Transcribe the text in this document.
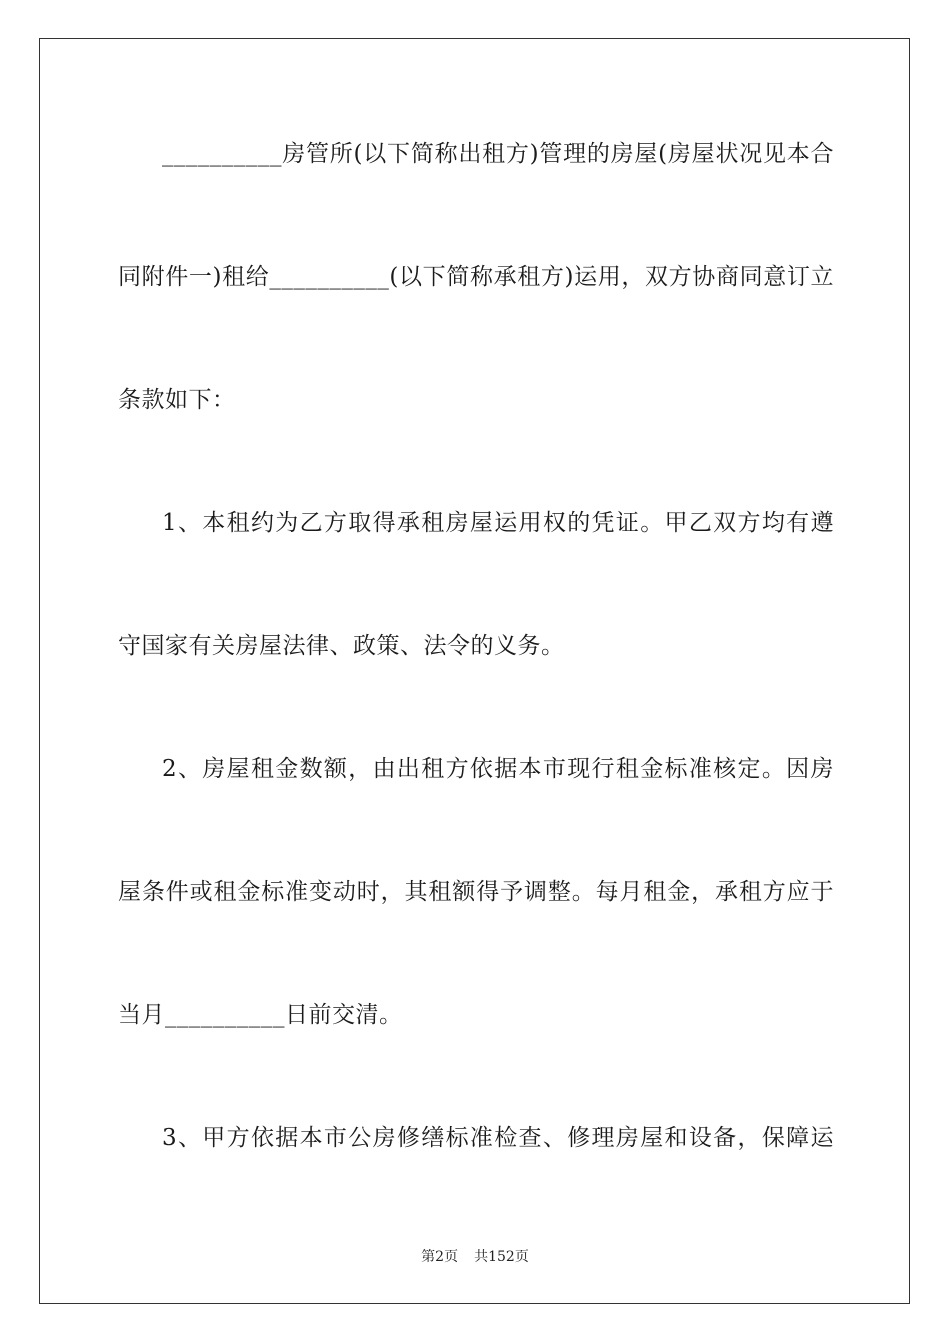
__________房管所(以下简称出租方)管理的房屋(房屋状况见本合
同附件一)租给__________(以下简称承租方)运用，双方协商同意订立
条款如下：
1、本租约为乙方取得承租房屋运用权的凭证。甲乙双方均有遵
守国家有关房屋法律、政策、法令的义务。
2、房屋租金数额，由出租方依据本市现行租金标准核定。因房
屋条件或租金标准变动时，其租额得予调整。每月租金，承租方应于
当月__________日前交清。
3、甲方依据本市公房修缮标准检查、修理房屋和设备，保障运
第2页 共152页
